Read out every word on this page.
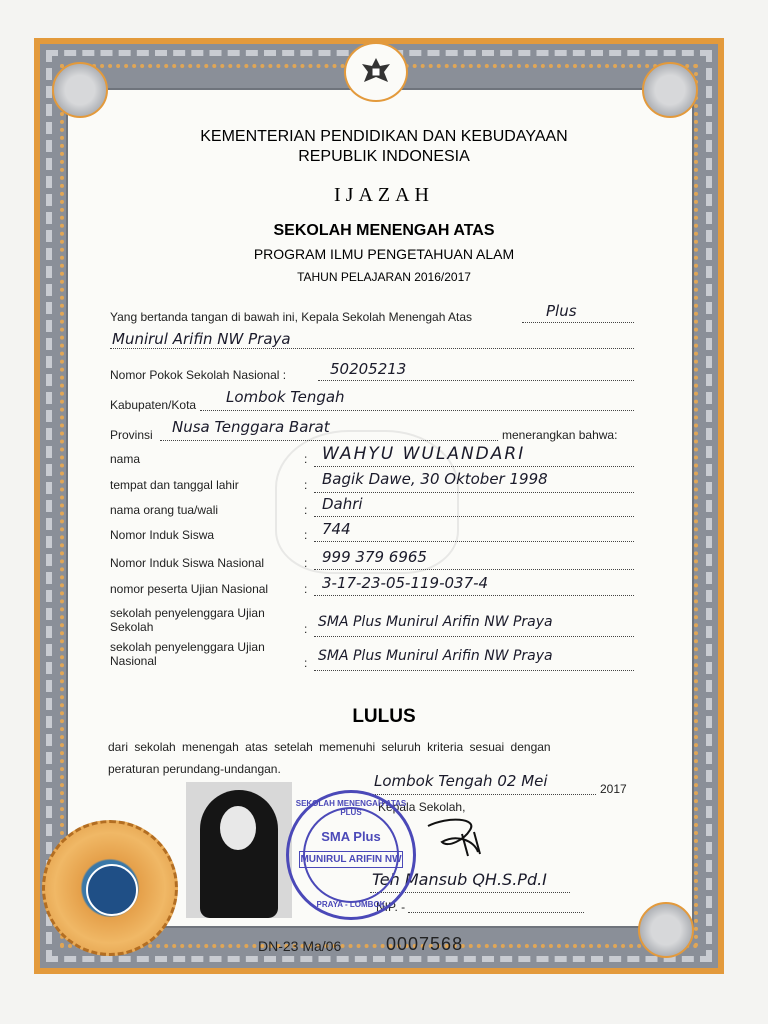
KEMENTERIAN PENDIDIKAN DAN KEBUDAYAAN
REPUBLIK INDONESIA
IJAZAH
SEKOLAH MENENGAH ATAS
PROGRAM ILMU PENGETAHUAN ALAM
TAHUN PELAJARAN 2016/2017
Yang bertanda tangan di bawah ini, Kepala Sekolah Menengah Atas	Plus
Munirul Arifin NW Praya
Nomor Pokok Sekolah Nasional :	50205213
Kabupaten/Kota Lombok Tengah
Provinsi Nusa Tenggara Barat	menerangkan bahwa:
nama	: WAHYU WULANDARI
tempat dan tanggal lahir	: Bagik Dawe, 30 Oktober 1998
nama orang tua/wali	: Dahri
Nomor Induk Siswa	: 744
Nomor Induk Siswa Nasional	: 999 379 6965
nomor peserta Ujian Nasional	: 3-17-23-05-119-037-4
sekolah penyelenggara Ujian
Sekolah	: SMA Plus Munirul Arifin NW Praya
sekolah penyelenggara Ujian
Nasional	: SMA Plus Munirul Arifin NW Praya
LULUS
dari sekolah menengah atas setelah memenuhi seluruh kriteria sesuai dengan
peraturan perundang-undangan.
Lombok Tengah 02 Mei	2017
Kepala Sekolah,
Teh Mansub QH.S.Pd.I
NIP. -
SEKOLAH MENENGAH ATAS PLUS
SMA Plus
MUNIRUL ARIFIN NW
PRAYA - LOMBOK
DN-23 Ma/06 0007568
